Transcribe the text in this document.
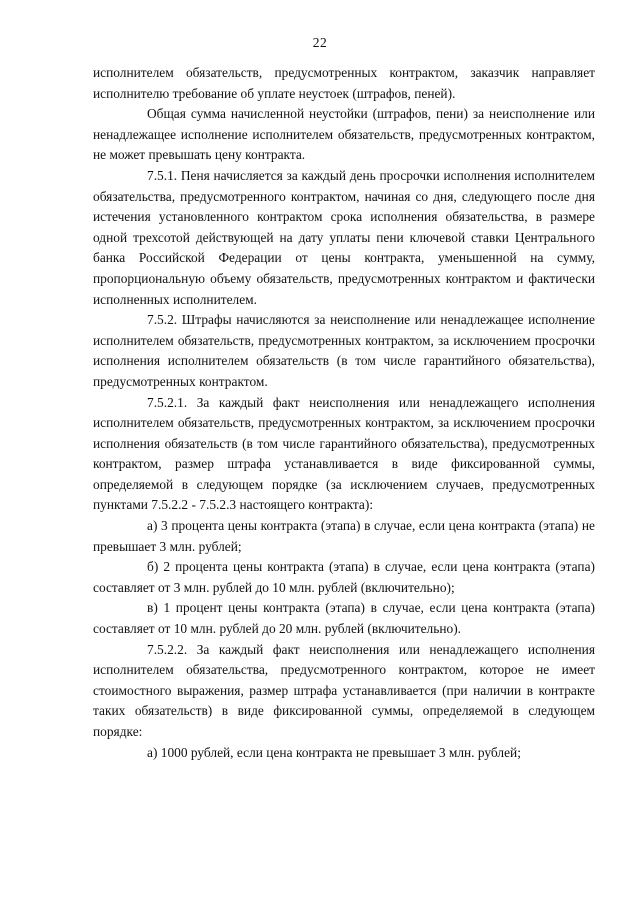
22

исполнителем обязательств, предусмотренных контрактом, заказчик направляет исполнителю требование об уплате неустоек (штрафов, пеней).

Общая сумма начисленной неустойки (штрафов, пени) за неисполнение или ненадлежащее исполнение исполнителем обязательств, предусмотренных контрактом, не может превышать цену контракта.

7.5.1. Пеня начисляется за каждый день просрочки исполнения исполнителем обязательства, предусмотренного контрактом, начиная со дня, следующего после дня истечения установленного контрактом срока исполнения обязательства, в размере одной трехсотой действующей на дату уплаты пени ключевой ставки Центрального банка Российской Федерации от цены контракта, уменьшенной на сумму, пропорциональную объему обязательств, предусмотренных контрактом и фактически исполненных исполнителем.

7.5.2. Штрафы начисляются за неисполнение или ненадлежащее исполнение исполнителем обязательств, предусмотренных контрактом, за исключением просрочки исполнения исполнителем обязательств (в том числе гарантийного обязательства), предусмотренных контрактом.

7.5.2.1. За каждый факт неисполнения или ненадлежащего исполнения исполнителем обязательств, предусмотренных контрактом, за исключением просрочки исполнения обязательств (в том числе гарантийного обязательства), предусмотренных контрактом, размер штрафа устанавливается в виде фиксированной суммы, определяемой в следующем порядке (за исключением случаев, предусмотренных пунктами 7.5.2.2 - 7.5.2.3 настоящего контракта):

а) 3 процента цены контракта (этапа) в случае, если цена контракта (этапа) не превышает 3 млн. рублей;

б) 2 процента цены контракта (этапа) в случае, если цена контракта (этапа) составляет от 3 млн. рублей до 10 млн. рублей (включительно);

в) 1 процент цены контракта (этапа) в случае, если цена контракта (этапа) составляет от 10 млн. рублей до 20 млн. рублей (включительно).

7.5.2.2. За каждый факт неисполнения или ненадлежащего исполнения исполнителем обязательства, предусмотренного контрактом, которое не имеет стоимостного выражения, размер штрафа устанавливается (при наличии в контракте таких обязательств) в виде фиксированной суммы, определяемой в следующем порядке:

а) 1000 рублей, если цена контракта не превышает 3 млн. рублей;
